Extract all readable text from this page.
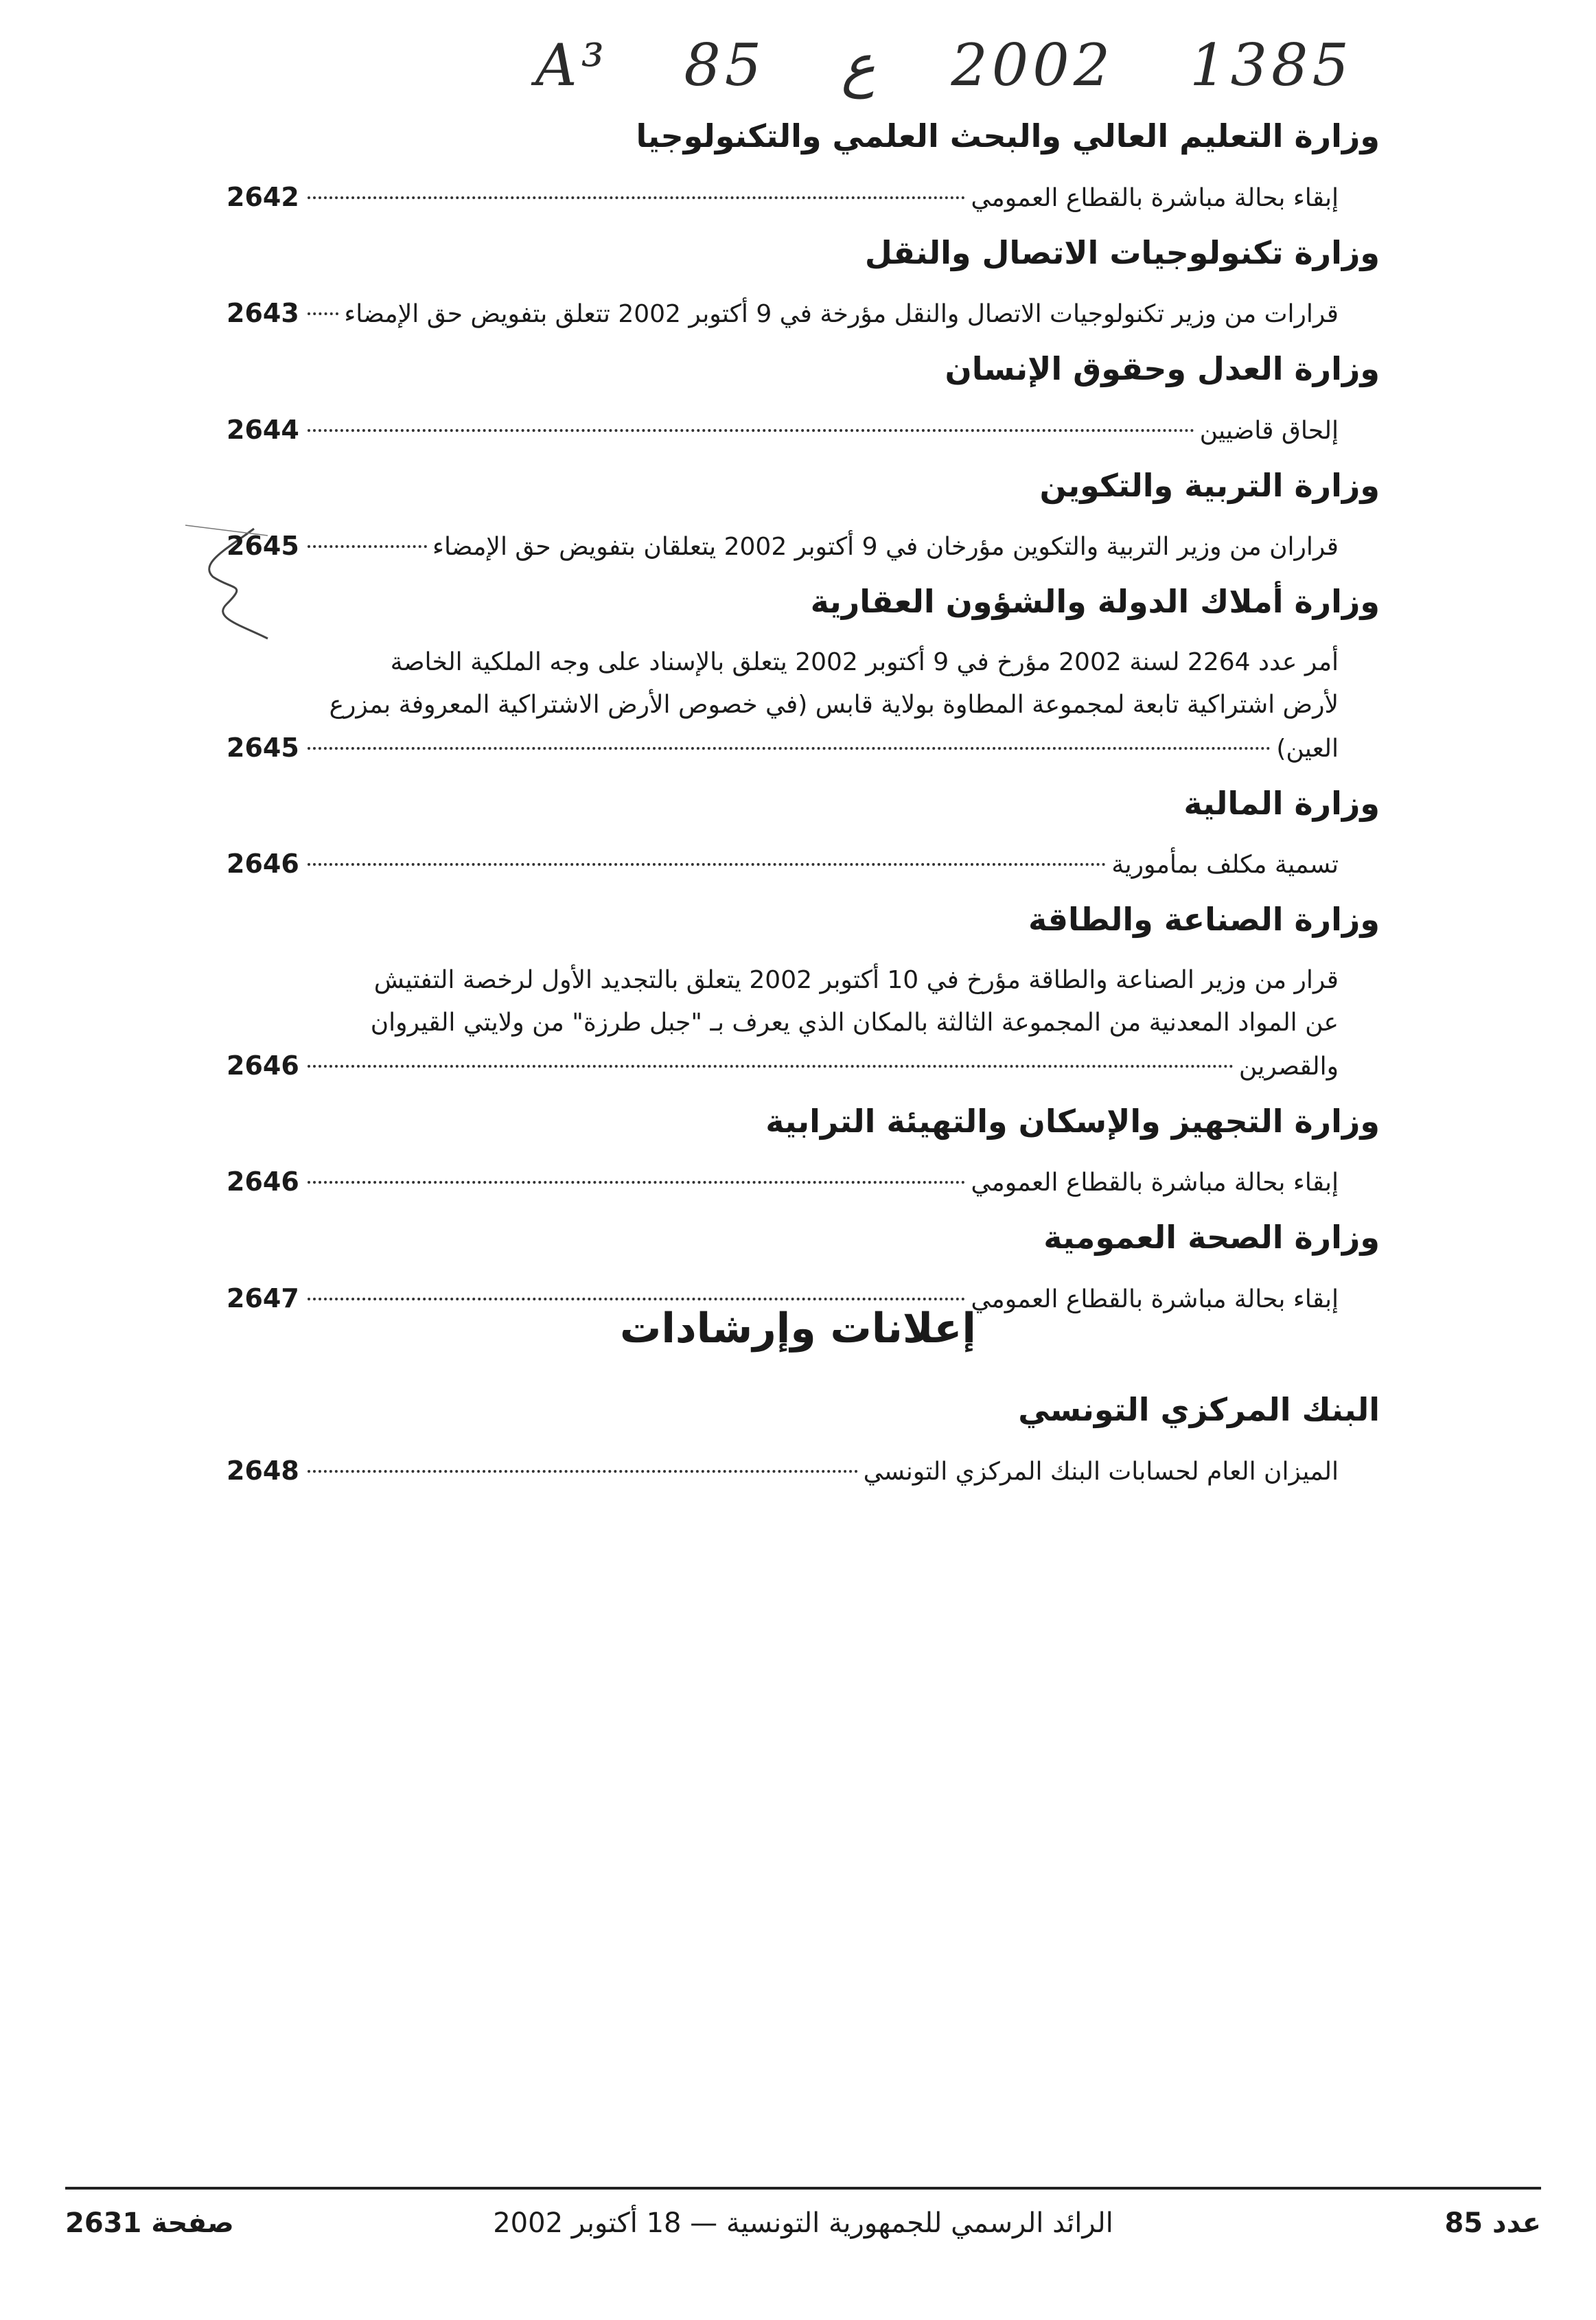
A³ 85 ع 2002 1385
وزارة التعليم العالي والبحث العلمي والتكنولوجيا
إبقاء بحالة مباشرة بالقطاع العمومي
2642
وزارة تكنولوجيات الاتصال والنقل
قرارات من وزير تكنولوجيات الاتصال والنقل مؤرخة في 9 أكتوبر 2002 تتعلق بتفويض حق الإمضاء
2643
وزارة العدل وحقوق الإنسان
إلحاق قاضيين
2644
وزارة التربية والتكوين
قراران من وزير التربية والتكوين مؤرخان في 9 أكتوبر 2002 يتعلقان بتفويض حق الإمضاء
2645
وزارة أملاك الدولة والشؤون العقارية
أمر عدد 2264 لسنة 2002 مؤرخ في 9 أكتوبر 2002 يتعلق بالإسناد على وجه الملكية الخاصة
لأرض اشتراكية تابعة لمجموعة المطاوة بولاية قابس (في خصوص الأرض الاشتراكية المعروفة بمزرع
العين)
2645
وزارة المالية
تسمية مكلف بمأمورية
2646
وزارة الصناعة والطاقة
قرار من وزير الصناعة والطاقة مؤرخ في 10 أكتوبر 2002 يتعلق بالتجديد الأول لرخصة التفتيش
عن المواد المعدنية من المجموعة الثالثة بالمكان الذي يعرف بـ "جبل طرزة" من ولايتي القيروان
والقصرين
2646
وزارة التجهيز والإسكان والتهيئة الترابية
إبقاء بحالة مباشرة بالقطاع العمومي
2646
وزارة الصحة العمومية
إبقاء بحالة مباشرة بالقطاع العمومي
2647
إعلانات وإرشادات
البنك المركزي التونسي
الميزان العام لحسابات البنك المركزي التونسي
2648
عدد 85
الرائد الرسمي للجمهورية التونسية — 18 أكتوبر 2002
صفحة 2631
